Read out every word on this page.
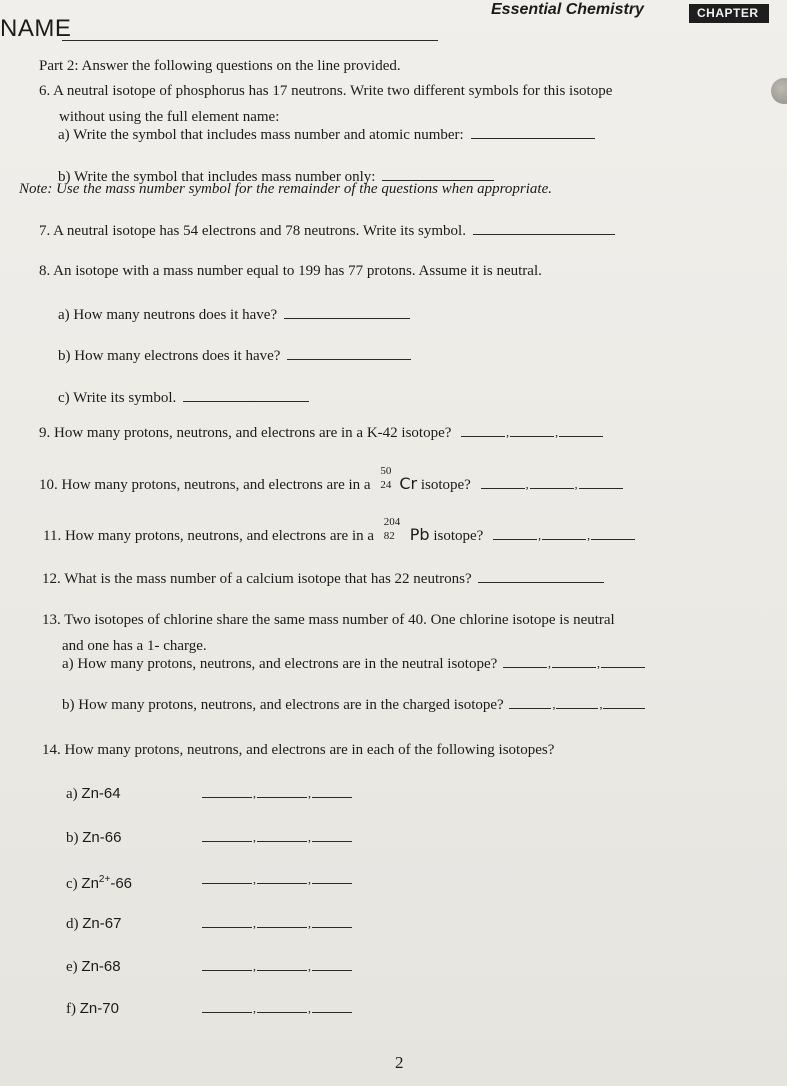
NAME
Essential Chemistry	CHAPTER
Part 2: Answer the following questions on the line provided.
6. A neutral isotope of phosphorus has 17 neutrons. Write two different symbols for this isotope
without using the full element name:
a) Write the symbol that includes mass number and atomic number:
b) Write the symbol that includes mass number only:
Note: Use the mass number symbol for the remainder of the questions when appropriate.
7. A neutral isotope has 54 electrons and 78 neutrons. Write its symbol.
8. An isotope with a mass number equal to 199 has 77 protons. Assume it is neutral.
a) How many neutrons does it have?
b) How many electrons does it have?
c) Write its symbol.
9. How many protons, neutrons, and electrons are in a K-42 isotope?	,	,
10. How many protons, neutrons, and electrons are in a
50
24 Cr isotope?	,	,
11. How many protons, neutrons, and electrons are in a
204
82 Pb isotope?	,	,
12. What is the mass number of a calcium isotope that has 22 neutrons?
13. Two isotopes of chlorine share the same mass number of 40. One chlorine isotope is neutral
and one has a 1- charge.
a) How many protons, neutrons, and electrons are in the neutral isotope?	,	,
b) How many protons, neutrons, and electrons are in the charged isotope?	,	,
14. How many protons, neutrons, and electrons are in each of the following isotopes?
a) Zn-64	,	,
b) Zn-66	,	,
c) $Zn^{2+}-66$	,	,
d) Zn-67	,	,
e) Zn-68	,	,
f) Zn-70	,	,
2
